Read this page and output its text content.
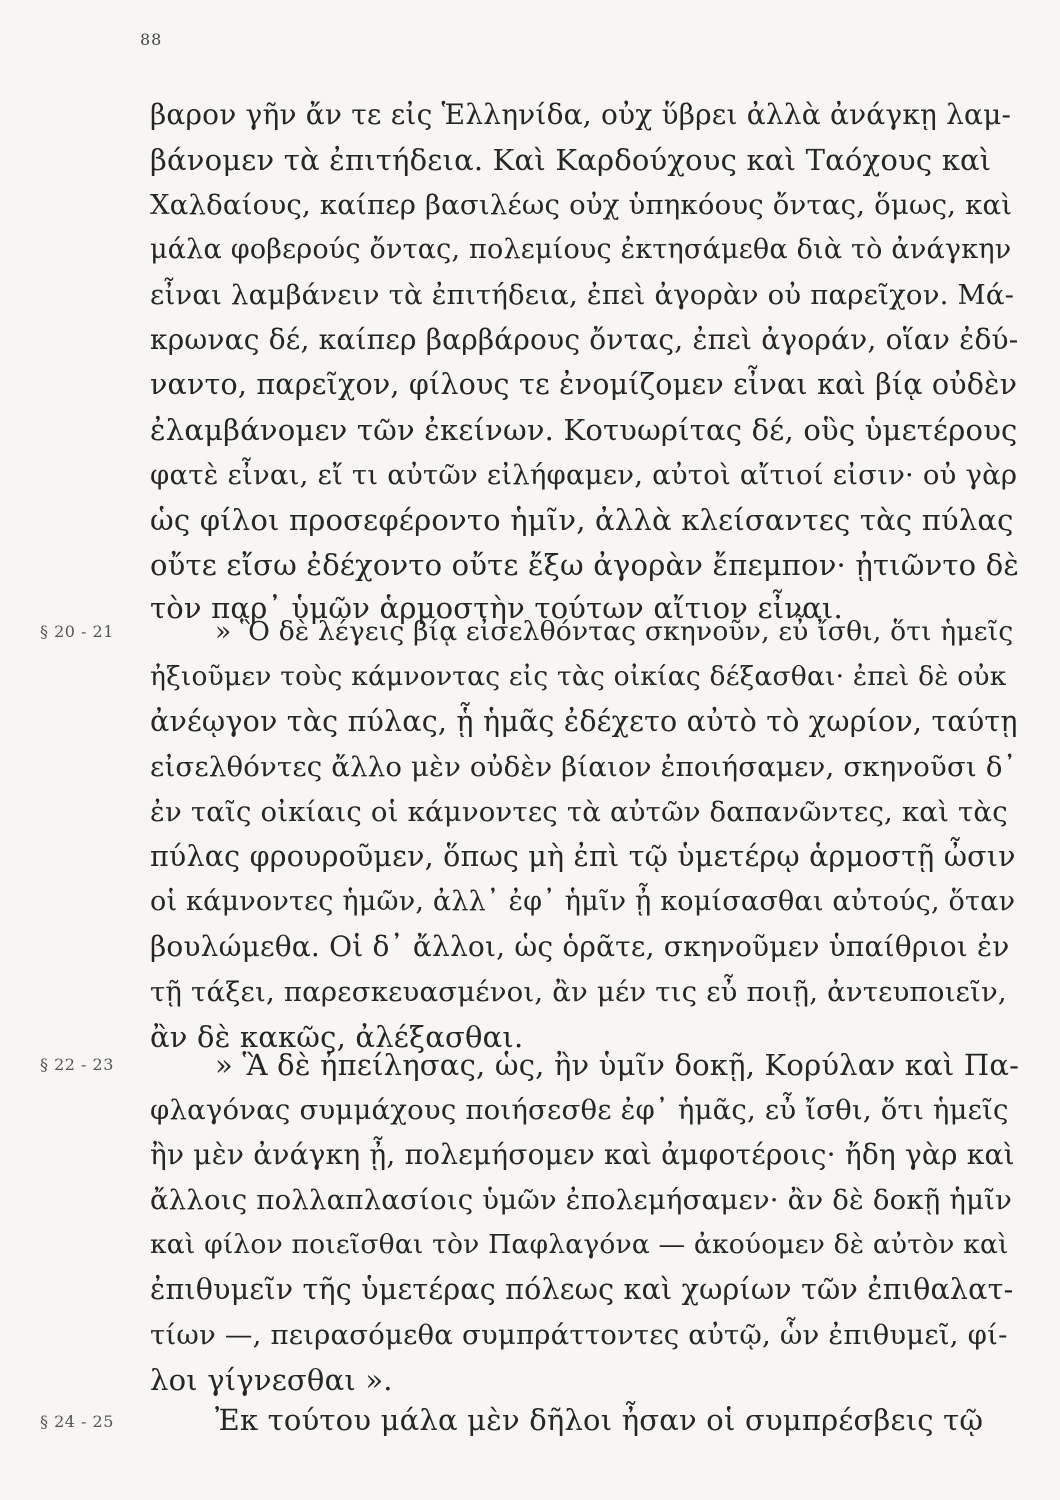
88
βαρον γῆν ἄν τε εἰς Ἑλληνίδα, οὐχ ὕβρει ἀλλὰ ἀνάγκῃ λαμ-
βάνομεν τὰ ἐπιτήδεια. Καὶ Καρδούχους καὶ Ταόχους καὶ
Χαλδαίους, καίπερ βασιλέως οὐχ ὑπηκόους ὄντας, ὅμως, καὶ
μάλα φοβερούς ὄντας, πολεμίους ἐκτησάμεθα διὰ τὸ ἀνάγκην
εἶναι λαμβάνειν τὰ ἐπιτήδεια, ἐπεὶ ἀγορὰν οὐ παρεῖχον. Μά-
κρωνας δέ, καίπερ βαρβάρους ὄντας, ἐπεὶ ἀγοράν, οἵαν ἐδύ-
ναντο, παρεῖχον, φίλους τε ἐνομίζομεν εἶναι καὶ βίᾳ οὐδὲν
ἐλαμβάνομεν τῶν ἐκείνων. Κοτυωρίτας δέ, οὓς ὑμετέρους
φατὲ εἶναι, εἴ τι αὐτῶν εἰλήφαμεν, αὐτοὶ αἴτιοί εἰσιν· οὐ γὰρ
ὡς φίλοι προσεφέροντο ἡμῖν, ἀλλὰ κλείσαντες τὰς πύλας
οὔτε εἴσω ἐδέχοντο οὔτε ἔξω ἀγορὰν ἔπεμπον· ᾐτιῶντο δὲ
τὸν παρ᾽ ὑμῶν ἁρμοστὴν τούτων αἴτιον εἶναι.
§ 20 - 21	» Ὃ δὲ λέγεις βίᾳ εἰσελθόντας σκηνοῦν, εὖ ἴσθι, ὅτι ἡμεῖς
ἠξιοῦμεν τοὺς κάμνοντας εἰς τὰς οἰκίας δέξασθαι· ἐπεὶ δὲ οὐκ
ἀνέῳγον τὰς πύλας, ᾗ ἡμᾶς ἐδέχετο αὐτὸ τὸ χωρίον, ταύτῃ
εἰσελθόντες ἄλλο μὲν οὐδὲν βίαιον ἐποιήσαμεν, σκηνοῦσι δ᾽
ἐν ταῖς οἰκίαις οἱ κάμνοντες τὰ αὐτῶν δαπανῶντες, καὶ τὰς
πύλας φρουροῦμεν, ὅπως μὴ ἐπὶ τῷ ὑμετέρῳ ἁρμοστῇ ὦσιν
οἱ κάμνοντες ἡμῶν, ἀλλ᾽ ἐφ᾽ ἡμῖν ᾖ κομίσασθαι αὐτούς, ὅταν
βουλώμεθα. Οἱ δ᾽ ἄλλοι, ὡς ὁρᾶτε, σκηνοῦμεν ὑπαίθριοι ἐν
τῇ τάξει, παρεσκευασμένοι, ἂν μέν τις εὖ ποιῇ, ἀντευποιεῖν,
ἂν δὲ κακῶς, ἀλέξασθαι.
§ 22 - 23	» Ἃ δὲ ἠπείλησας, ὡς, ἢν ὑμῖν δοκῇ, Κορύλαν καὶ Πα-
φλαγόνας συμμάχους ποιήσεσθε ἐφ᾽ ἡμᾶς, εὖ ἴσθι, ὅτι ἡμεῖς
ἢν μὲν ἀνάγκη ᾖ, πολεμήσομεν καὶ ἀμφοτέροις· ἤδη γὰρ καὶ
ἄλλοις πολλαπλασίοις ὑμῶν ἐπολεμήσαμεν· ἂν δὲ δοκῇ ἡμῖν
καὶ φίλον ποιεῖσθαι τὸν Παφλαγόνα — ἀκούομεν δὲ αὐτὸν καὶ
ἐπιθυμεῖν τῆς ὑμετέρας πόλεως καὶ χωρίων τῶν ἐπιθαλατ-
τίων —, πειρασόμεθα συμπράττοντες αὐτῷ, ὧν ἐπιθυμεῖ, φί-
λοι γίγνεσθαι ».
§ 24 - 25	Ἐκ τούτου μάλα μὲν δῆλοι ἦσαν οἱ συμπρέσβεις τῷ
